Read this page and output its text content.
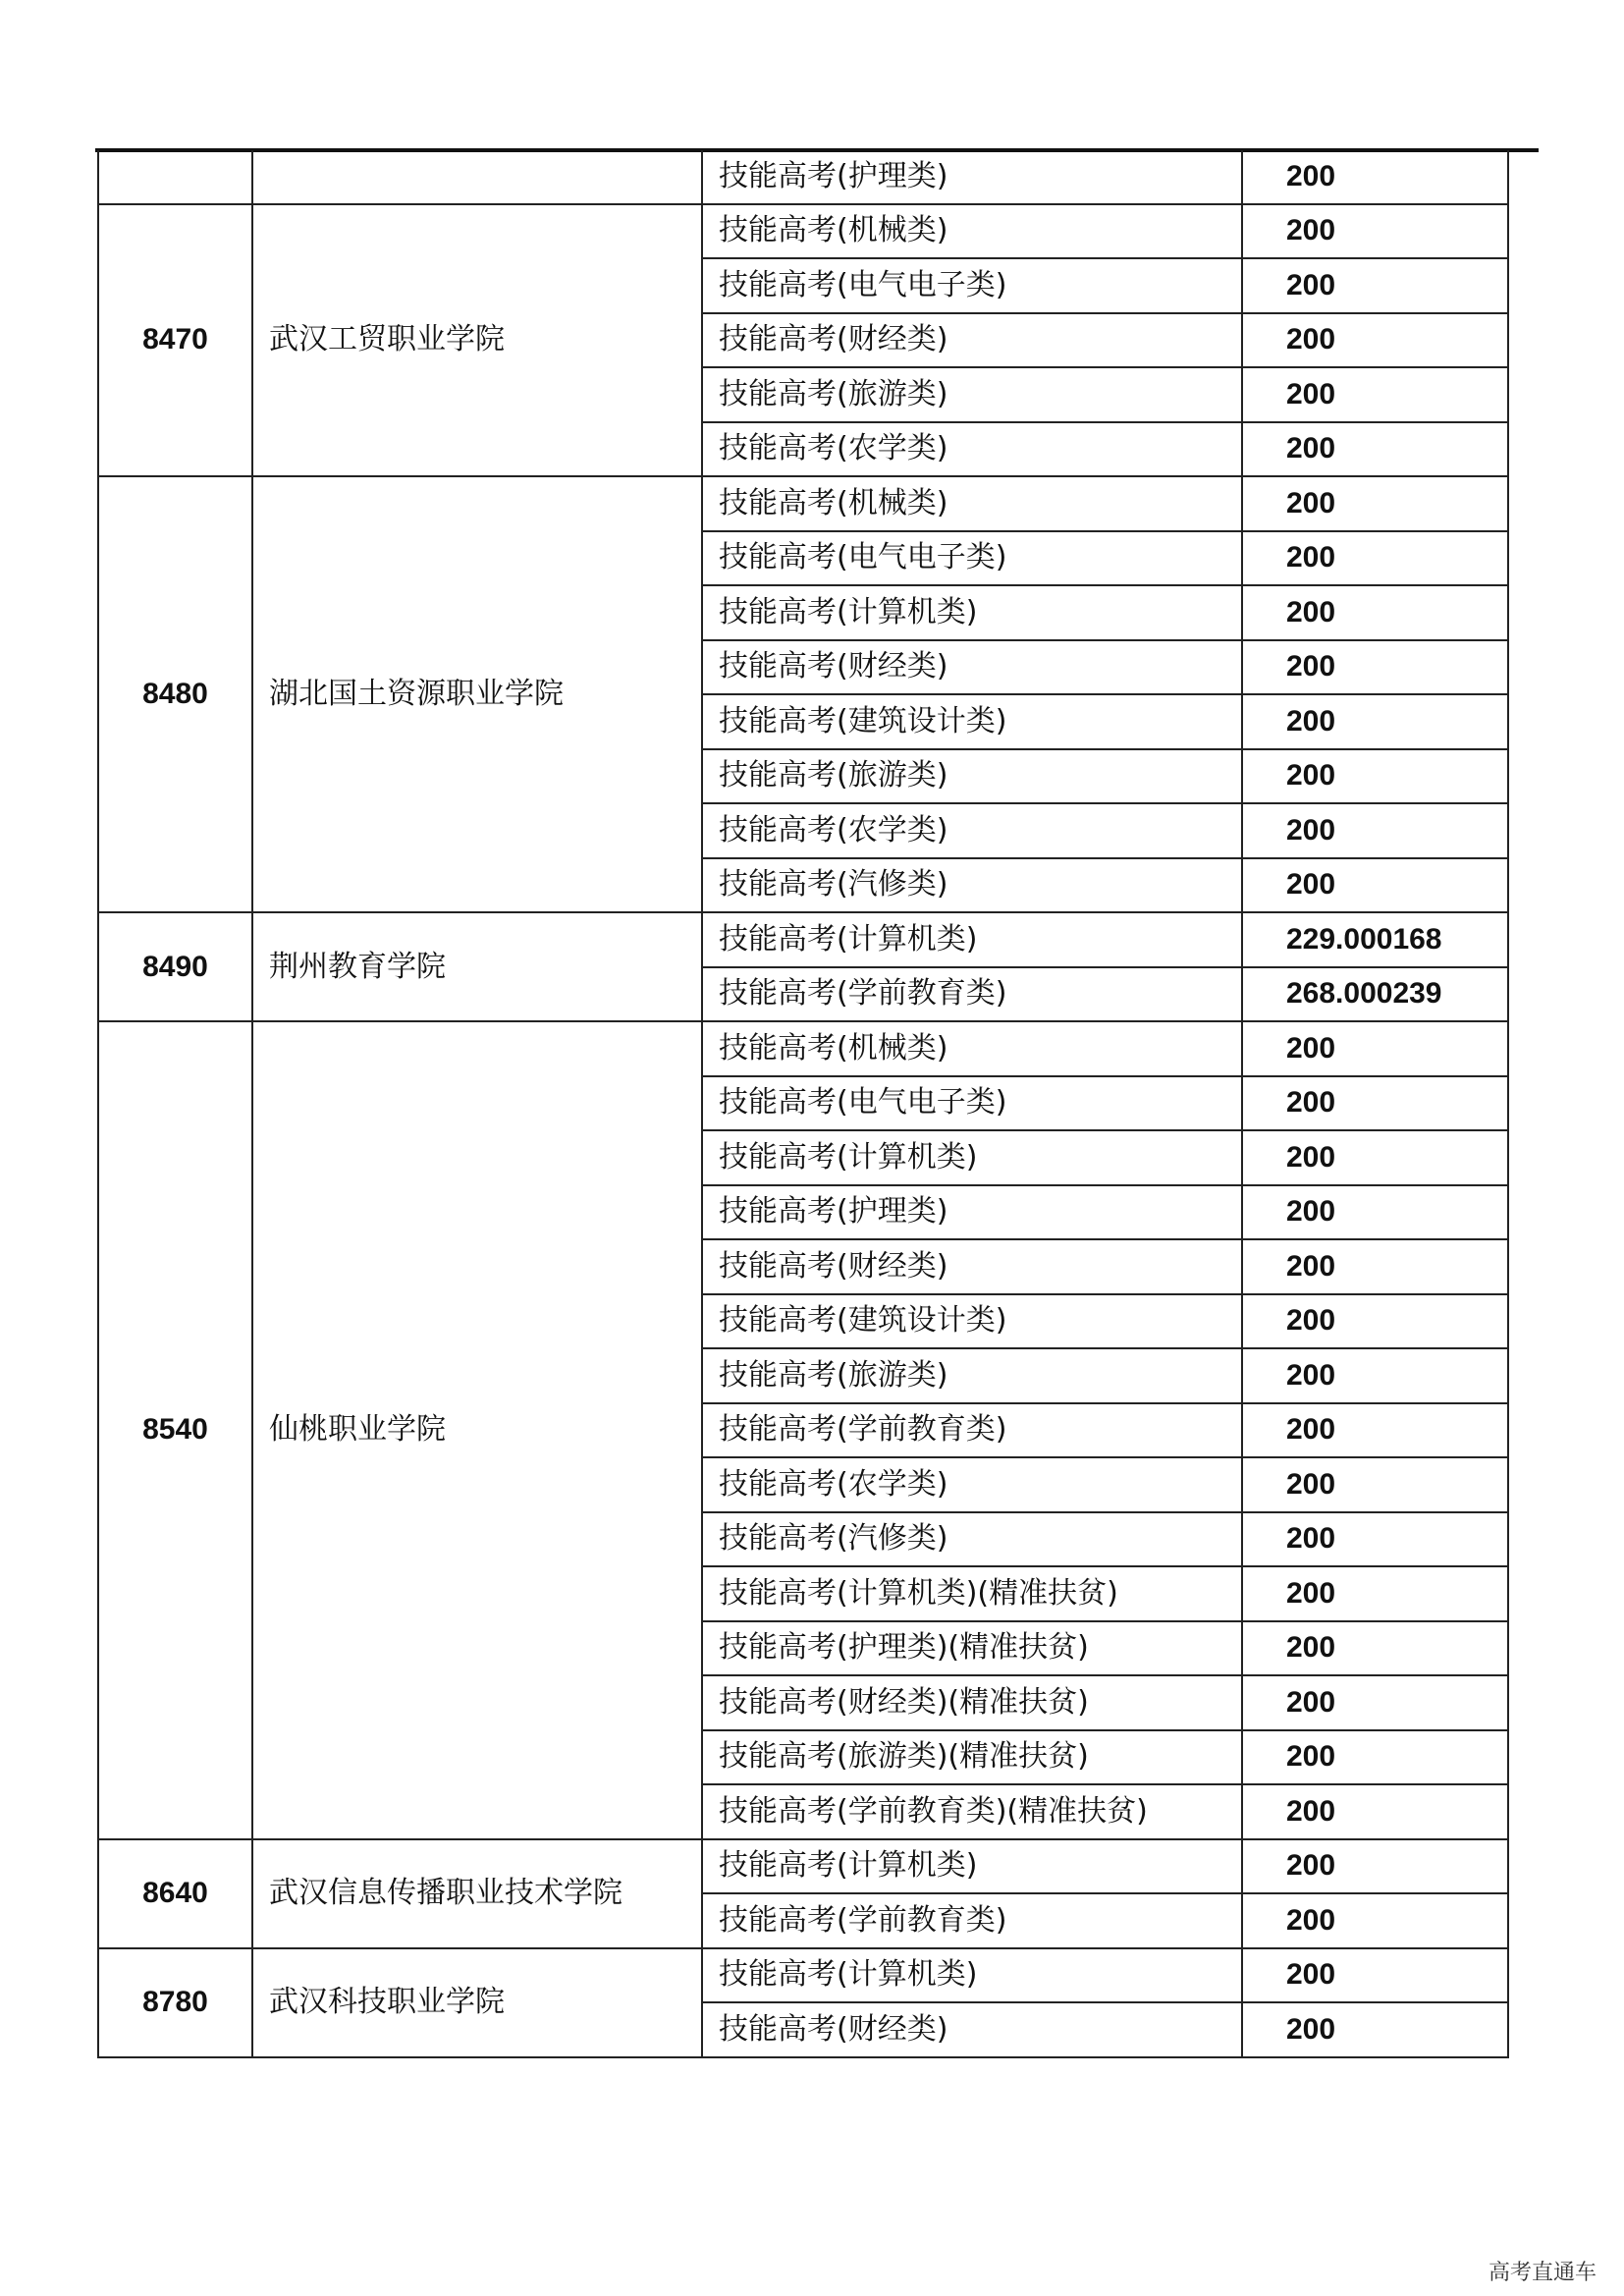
		技能高考(护理类)	200
8470	武汉工贸职业学院	技能高考(机械类)	200
		技能高考(电气电子类)	200
		技能高考(财经类)	200
		技能高考(旅游类)	200
		技能高考(农学类)	200
8480	湖北国土资源职业学院	技能高考(机械类)	200
		技能高考(电气电子类)	200
		技能高考(计算机类)	200
		技能高考(财经类)	200
		技能高考(建筑设计类)	200
		技能高考(旅游类)	200
		技能高考(农学类)	200
		技能高考(汽修类)	200
8490	荆州教育学院	技能高考(计算机类)	229.000168
		技能高考(学前教育类)	268.000239
8540	仙桃职业学院	技能高考(机械类)	200
		技能高考(电气电子类)	200
		技能高考(计算机类)	200
		技能高考(护理类)	200
		技能高考(财经类)	200
		技能高考(建筑设计类)	200
		技能高考(旅游类)	200
		技能高考(学前教育类)	200
		技能高考(农学类)	200
		技能高考(汽修类)	200
		技能高考(计算机类)(精准扶贫)	200
		技能高考(护理类)(精准扶贫)	200
		技能高考(财经类)(精准扶贫)	200
		技能高考(旅游类)(精准扶贫)	200
		技能高考(学前教育类)(精准扶贫)	200
8640	武汉信息传播职业技术学院	技能高考(计算机类)	200
		技能高考(学前教育类)	200
8780	武汉科技职业学院	技能高考(计算机类)	200
		技能高考(财经类)	200
高考直通车
